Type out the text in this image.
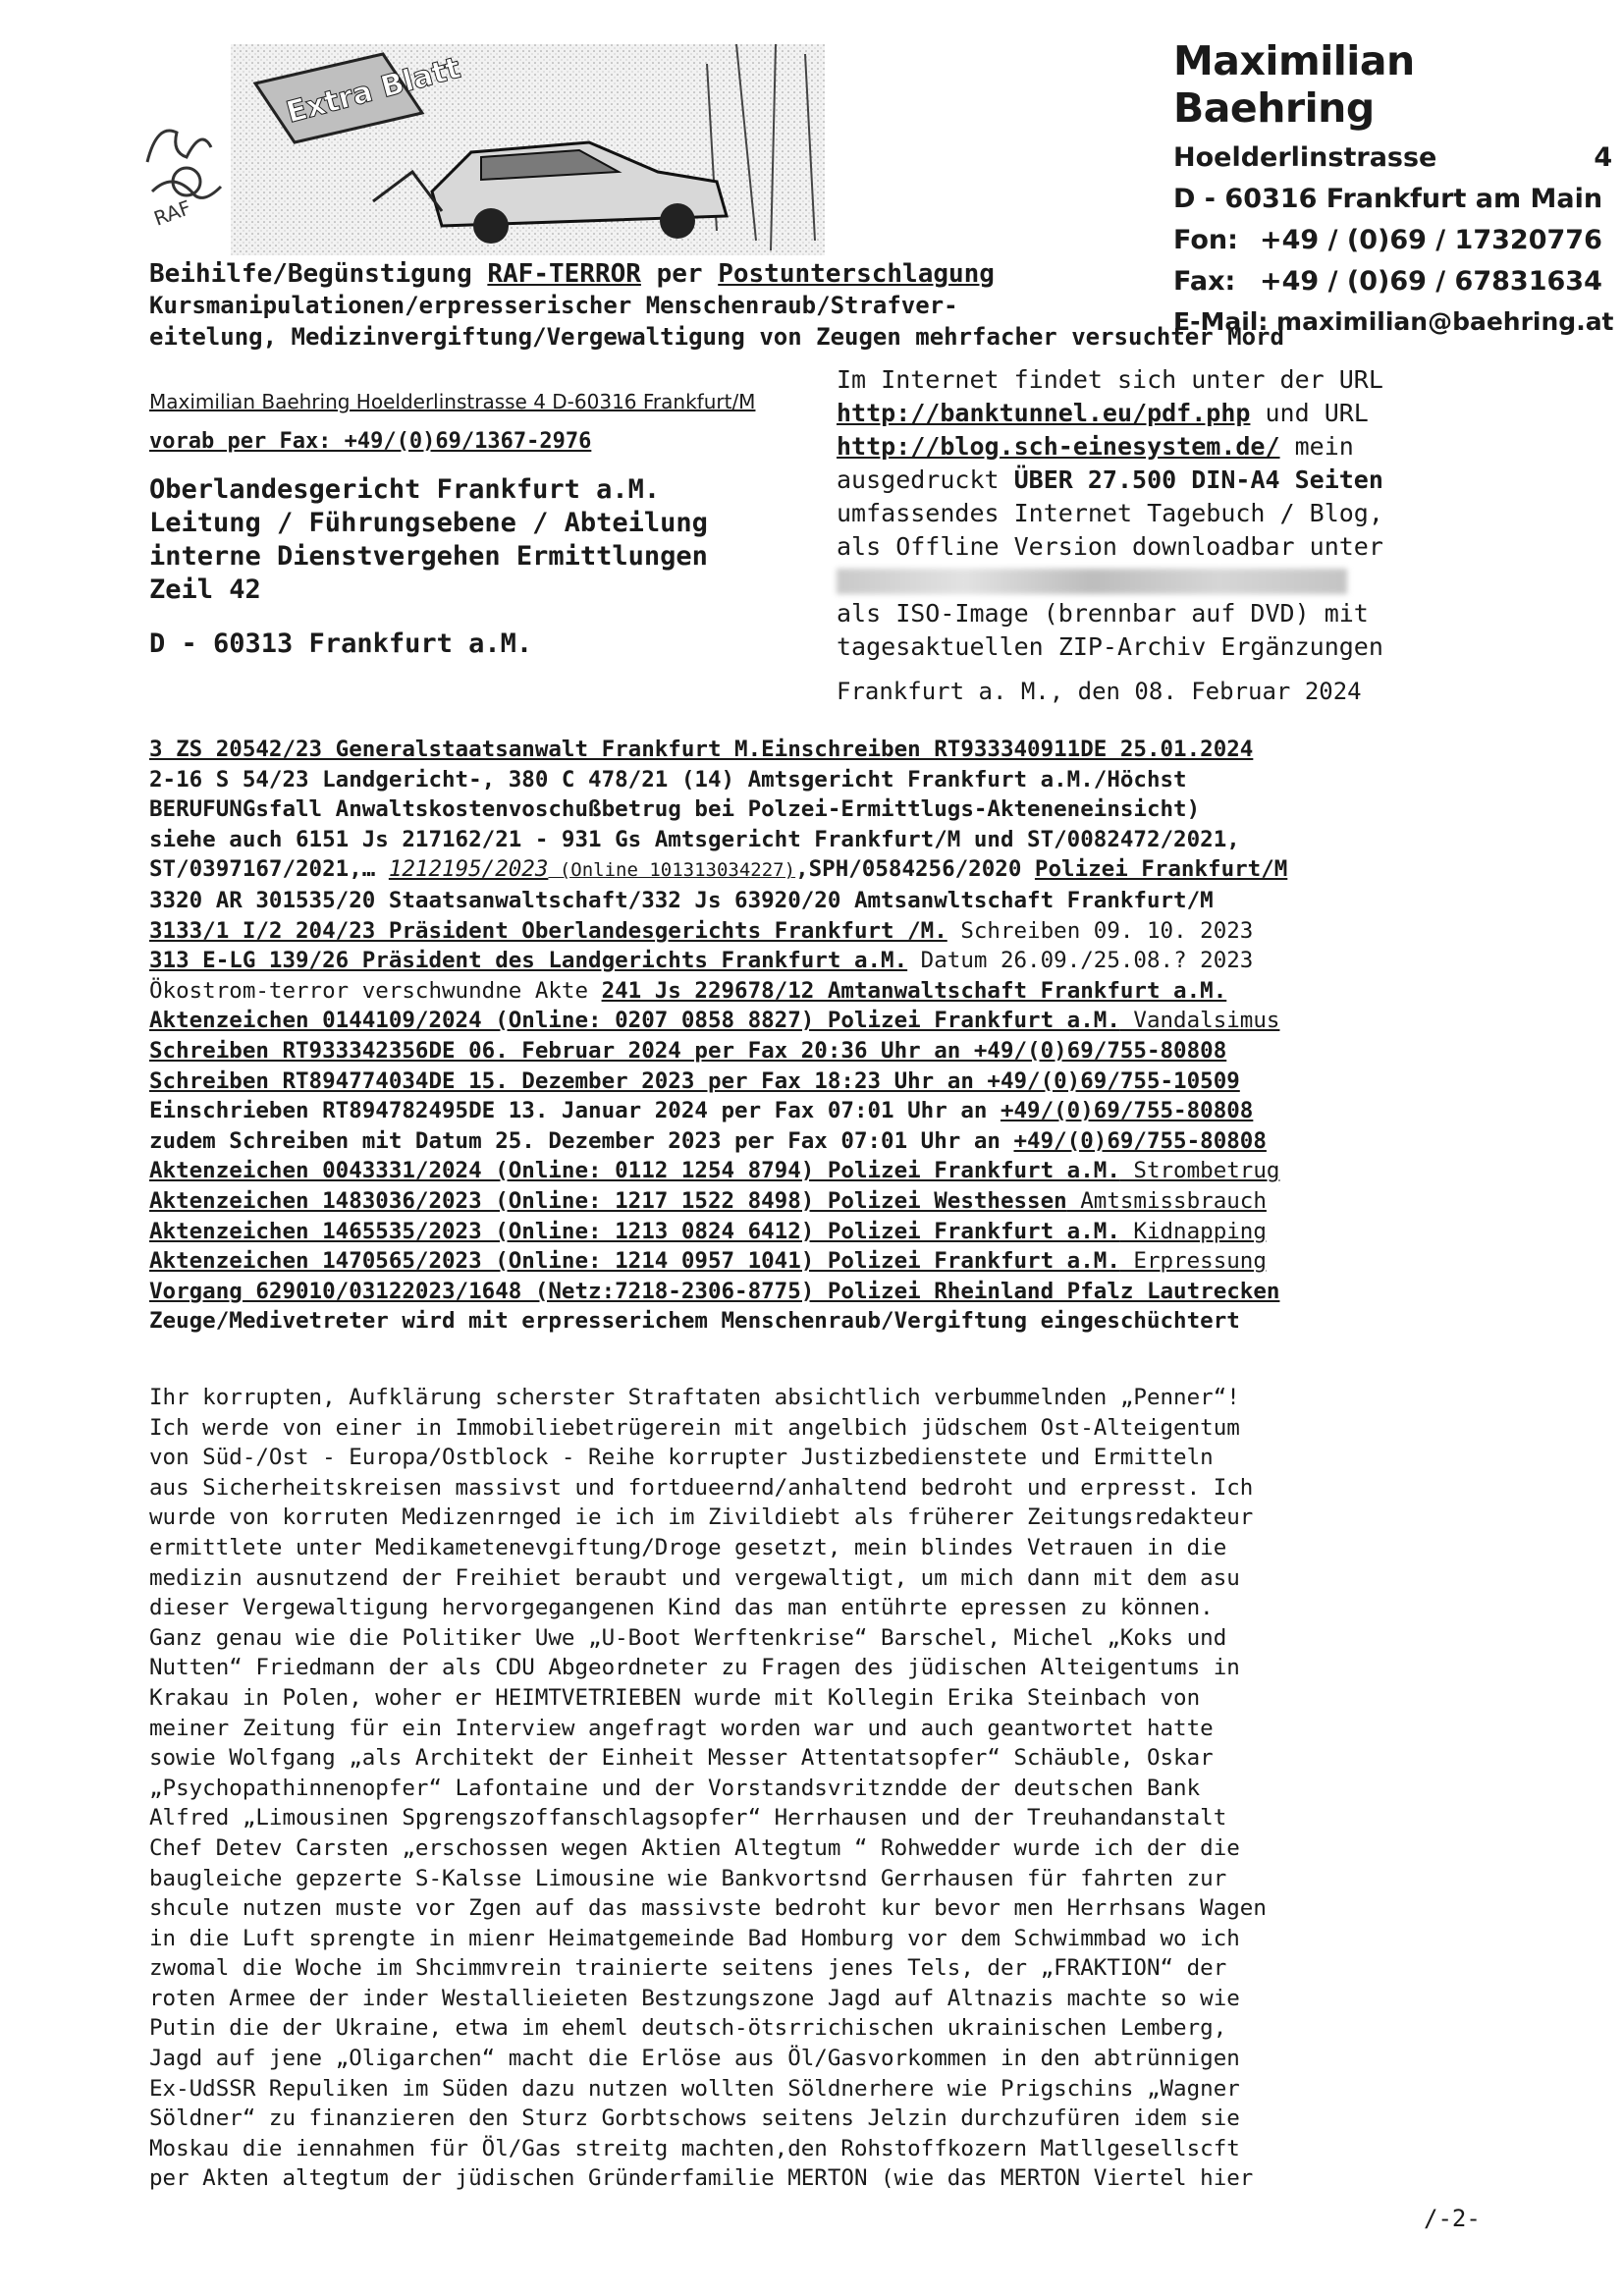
RAF
Extra Blatt	Maximilian Baehring
Hoelderlinstrasse	4
D - 60316 Frankfurt am Main
Fon: +49 / (0)69 / 17320776
Fax: +49 / (0)69 / 67831634
E-Mail: maximilian@baehring.at
Beihilfe/Begünstigung RAF-TERROR per Postunterschlagung
Kursmanipulationen/erpresserischer Menschenraub/Strafver-
eitelung, Medizinvergiftung/Vergewaltigung von Zeugen mehrfacher versuchter Mord
Maximilian Baehring Hoelderlinstrasse 4 D-60316 Frankfurt/M
vorab per Fax: +49/(0)69/1367-2976
Oberlandesgericht Frankfurt a.M.
Leitung / Führungsebene / Abteilung
interne Dienstvergehen Ermittlungen
Zeil 42
D - 60313 Frankfurt a.M.
Im Internet findet sich unter der URL
http://banktunnel.eu/pdf.php und URL
http://blog.sch-einesystem.de/ mein
ausgedruckt ÜBER 27.500 DIN-A4 Seiten
umfassendes Internet Tagebuch / Blog,
als Offline Version downloadbar unter
als ISO-Image (brennbar auf DVD) mit
tagesaktuellen ZIP-Archiv Ergänzungen
Frankfurt a. M., den 08. Februar 2024
3 ZS 20542/23 Generalstaatsanwalt Frankfurt M.Einschreiben RT933340911DE 25.01.2024
2-16 S 54/23 Landgericht-, 380 C 478/21 (14) Amtsgericht Frankfurt a.M./Höchst
BERUFUNGsfall Anwaltskostenvoschußbetrug bei Polzei-Ermittlugs-Akteneneinsicht)
siehe auch 6151 Js 217162/21 - 931 Gs Amtsgericht Frankfurt/M und ST/0082472/2021,
ST/0397167/2021,… 1212195/2023 (Online 101313034227),SPH/0584256/2020 Polizei Frankfurt/M
3320 AR 301535/20 Staatsanwaltschaft/332 Js 63920/20 Amtsanwltschaft Frankfurt/M
3133/1 I/2 204/23 Präsident Oberlandesgerichts Frankfurt /M. Schreiben 09. 10. 2023
313 E-LG 139/26 Präsident des Landgerichts Frankfurt a.M. Datum 26.09./25.08.? 2023
Ökostrom-terror verschwundne Akte 241 Js 229678/12 Amtanwaltschaft Frankfurt a.M.
Aktenzeichen 0144109/2024 (Online: 0207 0858 8827) Polizei Frankfurt a.M. Vandalsimus
Schreiben RT933342356DE 06. Februar 2024 per Fax 20:36 Uhr an +49/(0)69/755-80808
Schreiben RT894774034DE 15. Dezember 2023 per Fax 18:23 Uhr an +49/(0)69/755-10509
Einschrieben RT894782495DE 13. Januar 2024 per Fax 07:01 Uhr an +49/(0)69/755-80808
zudem Schreiben mit Datum 25. Dezember 2023 per Fax 07:01 Uhr an +49/(0)69/755-80808
Aktenzeichen 0043331/2024 (Online: 0112 1254 8794) Polizei Frankfurt a.M. Strombetrug
Aktenzeichen 1483036/2023 (Online: 1217 1522 8498) Polizei Westhessen Amtsmissbrauch
Aktenzeichen 1465535/2023 (Online: 1213 0824 6412) Polizei Frankfurt a.M. Kidnapping
Aktenzeichen 1470565/2023 (Online: 1214 0957 1041) Polizei Frankfurt a.M. Erpressung
Vorgang 629010/03122023/1648 (Netz:7218-2306-8775) Polizei Rheinland Pfalz Lautrecken
Zeuge/Medivetreter wird mit erpresserichem Menschenraub/Vergiftung eingeschüchtert
Ihr korrupten, Aufklärung scherster Straftaten absichtlich verbummelnden „Penner“!
Ich werde von einer in Immobiliebetrügerein mit angelbich jüdschem Ost-Alteigentum
von Süd-/Ost - Europa/Ostblock - Reihe korrupter Justizbedienstete und Ermitteln
aus Sicherheitskreisen massivst und fortdueernd/anhaltend bedroht und erpresst. Ich
wurde von korruten Medizenrnged ie ich im Zivildiebt als früherer Zeitungsredakteur
ermittlete unter Medikametenevgiftung/Droge gesetzt, mein blindes Vetrauen in die
medizin ausnutzend der Freihiet beraubt und vergewaltigt, um mich dann mit dem asu
dieser Vergewaltigung hervorgegangenen Kind das man entührte epressen zu können.
Ganz genau wie die Politiker Uwe „U-Boot Werftenkrise“ Barschel, Michel „Koks und
Nutten“ Friedmann der als CDU Abgeordneter zu Fragen des jüdischen Alteigentums in
Krakau in Polen, woher er HEIMTVETRIEBEN wurde mit Kollegin Erika Steinbach von
meiner Zeitung für ein Interview angefragt worden war und auch geantwortet hatte
sowie Wolfgang „als Architekt der Einheit Messer Attentatsopfer“ Schäuble, Oskar
„Psychopathinnenopfer“ Lafontaine und der Vorstandsvritzndde der deutschen Bank
Alfred „Limousinen Spgrengszoffanschlagsopfer“ Herrhausen und der Treuhandanstalt
Chef Detev Carsten „erschossen wegen Aktien Altegtum “ Rohwedder wurde ich der die
baugleiche gepzerte S-Kalsse Limousine wie Bankvortsnd Gerrhausen für fahrten zur
shcule nutzen muste vor Zgen auf das massivste bedroht kur bevor men Herrhsans Wagen
in die Luft sprengte in mienr Heimatgemeinde Bad Homburg vor dem Schwimmbad wo ich
zwomal die Woche im Shcimmvrein trainierte seitens jenes Tels, der „FRAKTION“ der
roten Armee der inder Westallieieten Bestzungszone Jagd auf Altnazis machte so wie
Putin die der Ukraine, etwa im eheml deutsch-ötsrrichischen ukrainischen Lemberg,
Jagd auf jene „Oligarchen“ macht die Erlöse aus Öl/Gasvorkommen in den abtrünnigen
Ex-UdSSR Repuliken im Süden dazu nutzen wollten Söldnerhere wie Prigschins „Wagner
Söldner“ zu finanzieren den Sturz Gorbtschows seitens Jelzin durchzufüren idem sie
Moskau die iennahmen für Öl/Gas streitg machten,den Rohstoffkozern Matllgesellscft
per Akten altegtum der jüdischen Gründerfamilie MERTON (wie das MERTON Viertel hier
/-2-
